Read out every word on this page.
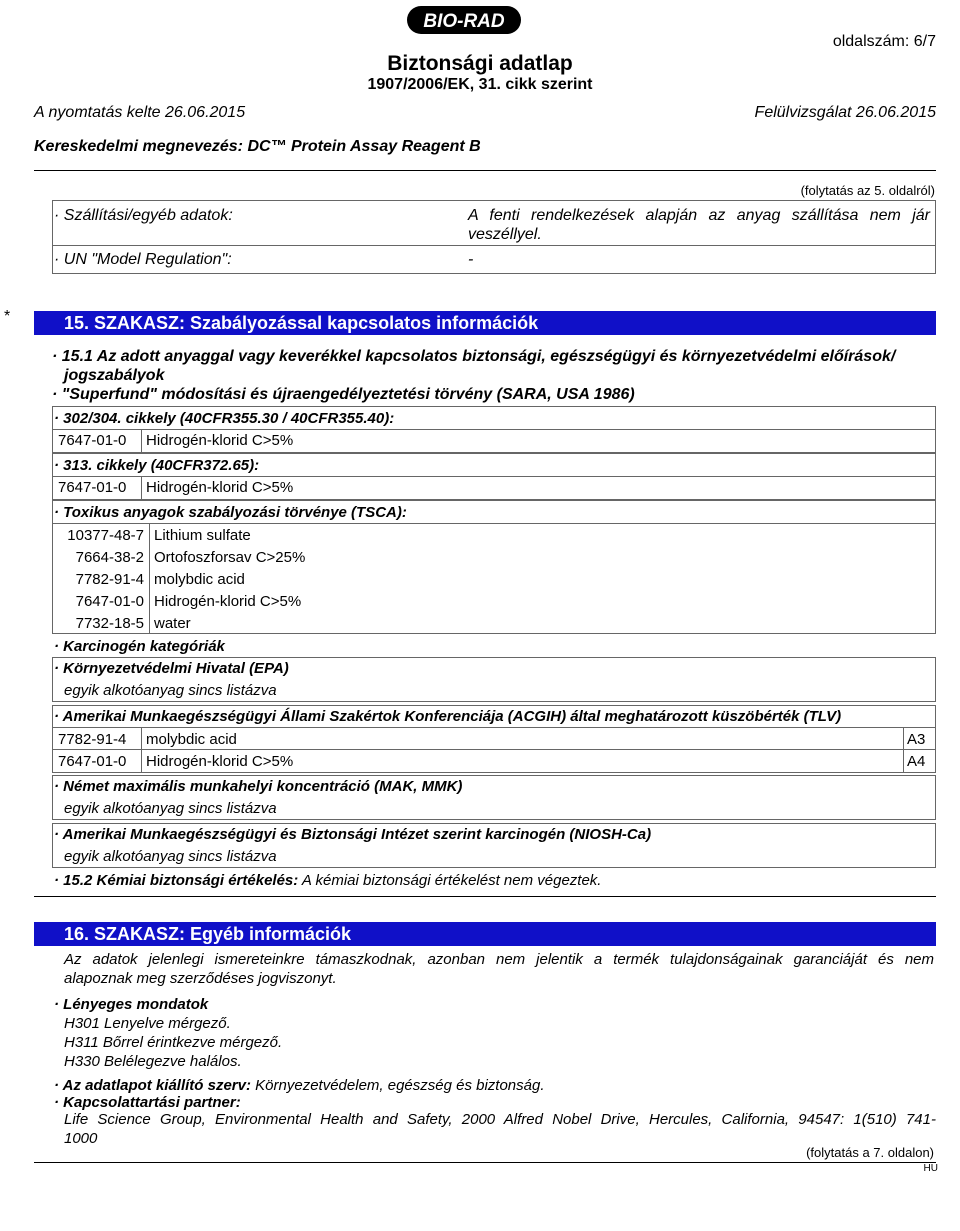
BIO-RAD
oldalszám: 6/7
Biztonsági adatlap
1907/2006/EK, 31. cikk szerint
A nyomtatás kelte 26.06.2015	Felülvizsgálat 26.06.2015
Kereskedelmi megnevezés: DC™ Protein Assay Reagent B
(folytatás az 5. oldalról)
· Szállítási/egyéb adatok:	A fenti rendelkezések alapján az anyag szállítása nem jár
veszéllyel.
· UN "Model Regulation":	-
*	15. SZAKASZ: Szabályozással kapcsolatos információk
· 15.1 Az adott anyaggal vagy keverékkel kapcsolatos biztonsági, egészségügyi és környezetvédelmi előírások/
jogszabályok
· "Superfund" módosítási és újraengedélyeztetési törvény (SARA, USA 1986)
· 302/304. cikkely (40CFR355.30 / 40CFR355.40):
7647-01-0 Hidrogén-klorid C>5%
· 313. cikkely (40CFR372.65):
7647-01-0 Hidrogén-klorid C>5%
· Toxikus anyagok szabályozási törvénye (TSCA):
10377-48-7 Lithium sulfate
7664-38-2 Ortofoszforsav C>25%
7782-91-4 molybdic acid
7647-01-0 Hidrogén-klorid C>5%
7732-18-5 water
· Karcinogén kategóriák
· Környezetvédelmi Hivatal (EPA)
egyik alkotóanyag sincs listázva
· Amerikai Munkaegészségügyi Állami Szakértok Konferenciája (ACGIH) által meghatározott küszöbérték (TLV)
7782-91-4 molybdic acid	A3
7647-01-0 Hidrogén-klorid C>5%	A4
· Német maximális munkahelyi koncentráció (MAK, MMK)
egyik alkotóanyag sincs listázva
· Amerikai Munkaegészségügyi és Biztonsági Intézet szerint karcinogén (NIOSH-Ca)
egyik alkotóanyag sincs listázva
· 15.2 Kémiai biztonsági értékelés: A kémiai biztonsági értékelést nem végeztek.
16. SZAKASZ: Egyéb információk
Az adatok jelenlegi ismereteinkre támaszkodnak, azonban nem jelentik a termék tulajdonságainak garanciáját és nem
alapoznak meg szerződéses jogviszonyt.
· Lényeges mondatok
H301 Lenyelve mérgező.
H311 Bőrrel érintkezve mérgező.
H330 Belélegezve halálos.
· Az adatlapot kiállító szerv: Környezetvédelem, egészség és biztonság.
· Kapcsolattartási partner:
Life Science Group, Environmental Health and Safety, 2000 Alfred Nobel Drive, Hercules, California, 94547: 1(510) 741-
1000
(folytatás a 7. oldalon)
HU
